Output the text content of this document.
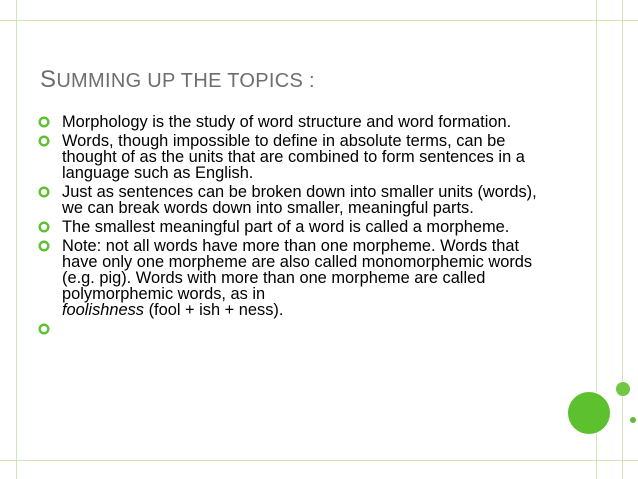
SUMMING UP THE TOPICS :
Morphology is the study of word structure and word formation.
Words, though impossible to define in absolute terms, can be thought of as the units that are combined to form sentences in a language such as English.
Just as sentences can be broken down into smaller units (words), we can break words down into smaller, meaningful parts.
The smallest meaningful part of a word is called a morpheme.
Note: not all words have more than one morpheme. Words that have only one morpheme are also called monomorphemic words (e.g. pig). Words with more than one morpheme are called polymorphemic words, as in
foolishness (fool + ish + ness).
